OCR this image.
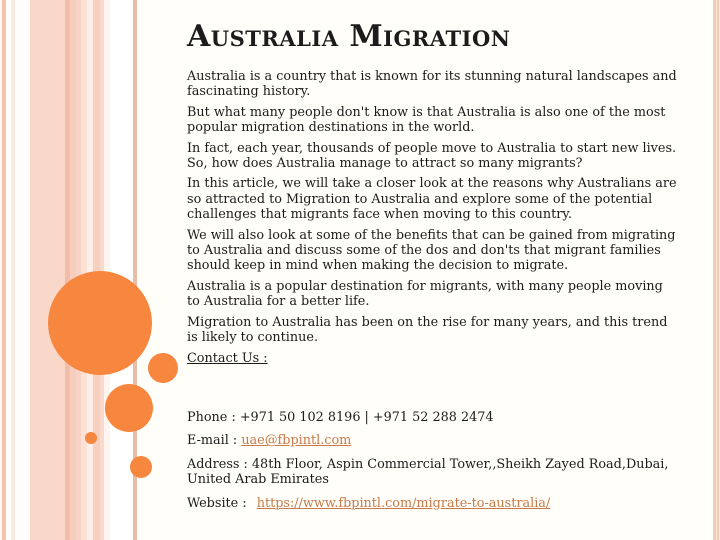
Australia Migration

Australia is a country that is known for its stunning natural landscapes and fascinating history.

But what many people don't know is that Australia is also one of the most popular migration destinations in the world.

In fact, each year, thousands of people move to Australia to start new lives. So, how does Australia manage to attract so many migrants?

In this article, we will take a closer look at the reasons why Australians are so attracted to Migration to Australia and explore some of the potential challenges that migrants face when moving to this country.

We will also look at some of the benefits that can be gained from migrating to Australia and discuss some of the dos and don'ts that migrant families should keep in mind when making the decision to migrate.

Australia is a popular destination for migrants, with many people moving to Australia for a better life.

Migration to Australia has been on the rise for many years, and this trend is likely to continue.

Contact Us :

Phone : +971 50 102 8196 | +971 52 288 2474

E-mail : uae@fbpintl.com

Address : 48th Floor, Aspin Commercial Tower,,Sheikh Zayed Road,Dubai, United Arab Emirates

Website : https://www.fbpintl.com/migrate-to-australia/
